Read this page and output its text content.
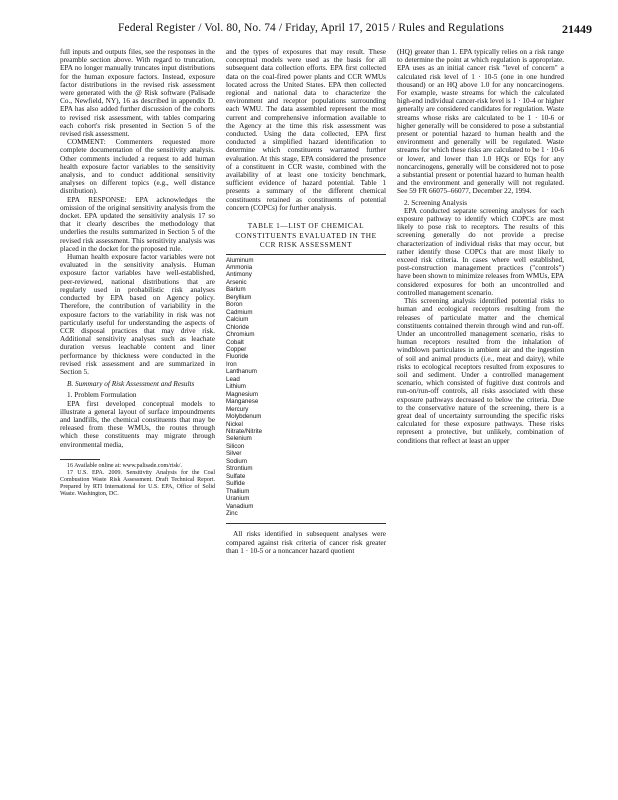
Federal Register / Vol. 80, No. 74 / Friday, April 17, 2015 / Rules and Regulations	21449

full inputs and outputs files, see the responses in the preamble section above. With regard to truncation, EPA no longer manually truncates input distributions for the human exposure factors. Instead, exposure factor distributions in the revised risk assessment were generated with the @ Risk software (Palisade Co., Newfield, NY), 16 as described in appendix D. EPA has also added further discussion of the cohorts to revised risk assessment, with tables comparing each cohort's risk presented in Section 5 of the revised risk assessment.

COMMENT: Commenters requested more complete documentation of the sensitivity analysis. Other comments included a request to add human health exposure factor variables to the sensitivity analysis, and to conduct additional sensitivity analyses on different topics (e.g., well distance distribution).

EPA RESPONSE: EPA acknowledges the omission of the original sensitivity analysis from the docket. EPA updated the sensitivity analysis 17 so that it clearly describes the methodology that underlies the results summarized in Section 5 of the revised risk assessment. This sensitivity analysis was placed in the docket for the proposed rule.

Human health exposure factor variables were not evaluated in the sensitivity analysis. Human exposure factor variables have well-established, peer-reviewed, national distributions that are regularly used in probabilistic risk analyses conducted by EPA based on Agency policy. Therefore, the contribution of variability in the exposure factors to the variability in risk was not particularly useful for understanding the aspects of CCR disposal practices that may drive risk. Additional sensitivity analyses such as leachate duration versus leachable content and liner performance by thickness were conducted in the revised risk assessment and are summarized in Section 5.

B. Summary of Risk Assessment and Results

1. Problem Formulation

EPA first developed conceptual models to illustrate a general layout of surface impoundments and landfills, the chemical constituents that may be released from these WMUs, the routes through which these constituents may migrate through environmental media,

16 Available online at: www.palisade.com/risk/.

17 U.S. EPA. 2009. Sensitivity Analysis for the Coal Combustion Waste Risk Assessment. Draft Technical Report. Prepared by RTI International for U.S. EPA, Office of Solid Waste. Washington, DC.

and the types of exposures that may result. These conceptual models were used as the basis for all subsequent data collection efforts. EPA first collected data on the coal-fired power plants and CCR WMUs located across the United States. EPA then collected regional and national data to characterize the environment and receptor populations surrounding each WMU. The data assembled represent the most current and comprehensive information available to the Agency at the time this risk assessment was conducted. Using the data collected, EPA first conducted a simplified hazard identification to determine which constituents warranted further evaluation. At this stage, EPA considered the presence of a constituent in CCR waste, combined with the availability of at least one toxicity benchmark, sufficient evidence of hazard potential. Table 1 presents a summary of the different chemical constituents retained as constituents of potential concern (COPCs) for further analysis.

TABLE 1—LIST OF CHEMICAL CONSTITUENTS EVALUATED IN THE CCR RISK ASSESSMENT
Aluminum
Ammonia
Antimony
Arsenic
Barium
Beryllium
Boron
Cadmium
Calcium
Chloride
Chromium
Cobalt
Copper
Fluoride
Iron
Lanthanum
Lead
Lithium
Magnesium
Manganese
Mercury
Molybdenum
Nickel
Nitrate/Nitrite
Selenium
Silicon
Silver
Sodium
Strontium
Sulfate
Sulfide
Thallium
Uranium
Vanadium
Zinc

All risks identified in subsequent analyses were compared against risk criteria of cancer risk greater than 1 · 10-5 or a noncancer hazard quotient

(HQ) greater than 1. EPA typically relies on a risk range to determine the point at which regulation is appropriate. EPA uses as an initial cancer risk "level of concern" a calculated risk level of 1 · 10-5 (one in one hundred thousand) or an HQ above 1.0 for any noncarcinogens. For example, waste streams for which the calculated high-end individual cancer-risk level is 1 · 10-4 or higher generally are considered candidates for regulation. Waste streams whose risks are calculated to be 1 · 10-6 or higher generally will be considered to pose a substantial present or potential hazard to human health and the environment and generally will be regulated. Waste streams for which these risks are calculated to be 1 · 10-6 or lower, and lower than 1.0 HQs or EQs for any noncarcinogens, generally will be considered not to pose a substantial present or potential hazard to human health and the environment and generally will not regulated. See 59 FR 66075–66077, December 22, 1994.

2. Screening Analysis

EPA conducted separate screening analyses for each exposure pathway to identify which COPCs are most likely to pose risk to receptors. The results of this screening generally do not provide a precise characterization of individual risks that may occur, but rather identify those COPCs that are most likely to exceed risk criteria. In cases where well established, post-construction management practices ("controls") have been shown to minimize releases from WMUs, EPA considered exposures for both an uncontrolled and controlled management scenario.

This screening analysis identified potential risks to human and ecological receptors resulting from the releases of particulate matter and the chemical constituents contained therein through wind and run-off. Under an uncontrolled management scenario, risks to human receptors resulted from the inhalation of windblown particulates in ambient air and the ingestion of soil and animal products (i.e., meat and dairy), while risks to ecological receptors resulted from exposures to soil and sediment. Under a controlled management scenario, which consisted of fugitive dust controls and run-on/run-off controls, all risks associated with these exposure pathways decreased to below the criteria. Due to the conservative nature of the screening, there is a great deal of uncertainty surrounding the specific risks calculated for these exposure pathways. These risks represent a protective, but unlikely, combination of conditions that reflect at least an upper
